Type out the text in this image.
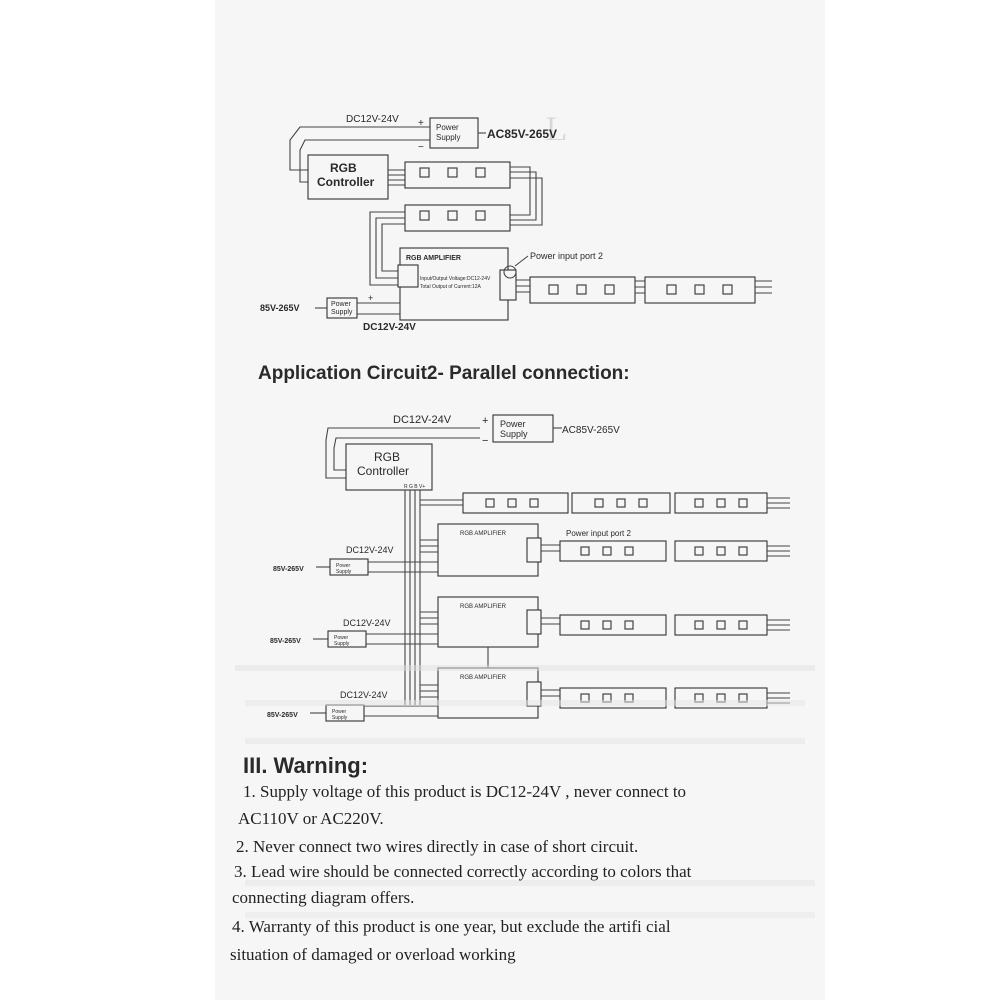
Ｌ
DC12V-24V +
−
Power
Supply AC85V-265V
RGB
Controller
RGB AMPLIFIER
Input/Output Voltage:DC12-24V
Total Output of Current:12A
Power input port 2
85V-265V	Power
Supply
+
DC12V-24V
Application Circuit2- Parallel connection:
DC12V-24V	+
−
Power
Supply	AC85V-265V
RGB
Controller
R G B V+
RGB AMPLIFIER	Power input port 2
DC12V-24V
85V-265V	Power
Supply
RGB AMPLIFIER
DC12V-24V
85V-265V	Power
Supply
RGB AMPLIFIER
DC12V-24V
85V-265V	Power
Supply
III. Warning:
1. Supply voltage of this product is DC12-24V , never connect to
AC110V or AC220V.
2. Never connect two wires directly in case of short circuit.
3. Lead wire should be connected correctly according to colors that
connecting diagram offers.
4. Warranty of this product is one year, but exclude the artifi cial
situation of damaged or overload working
